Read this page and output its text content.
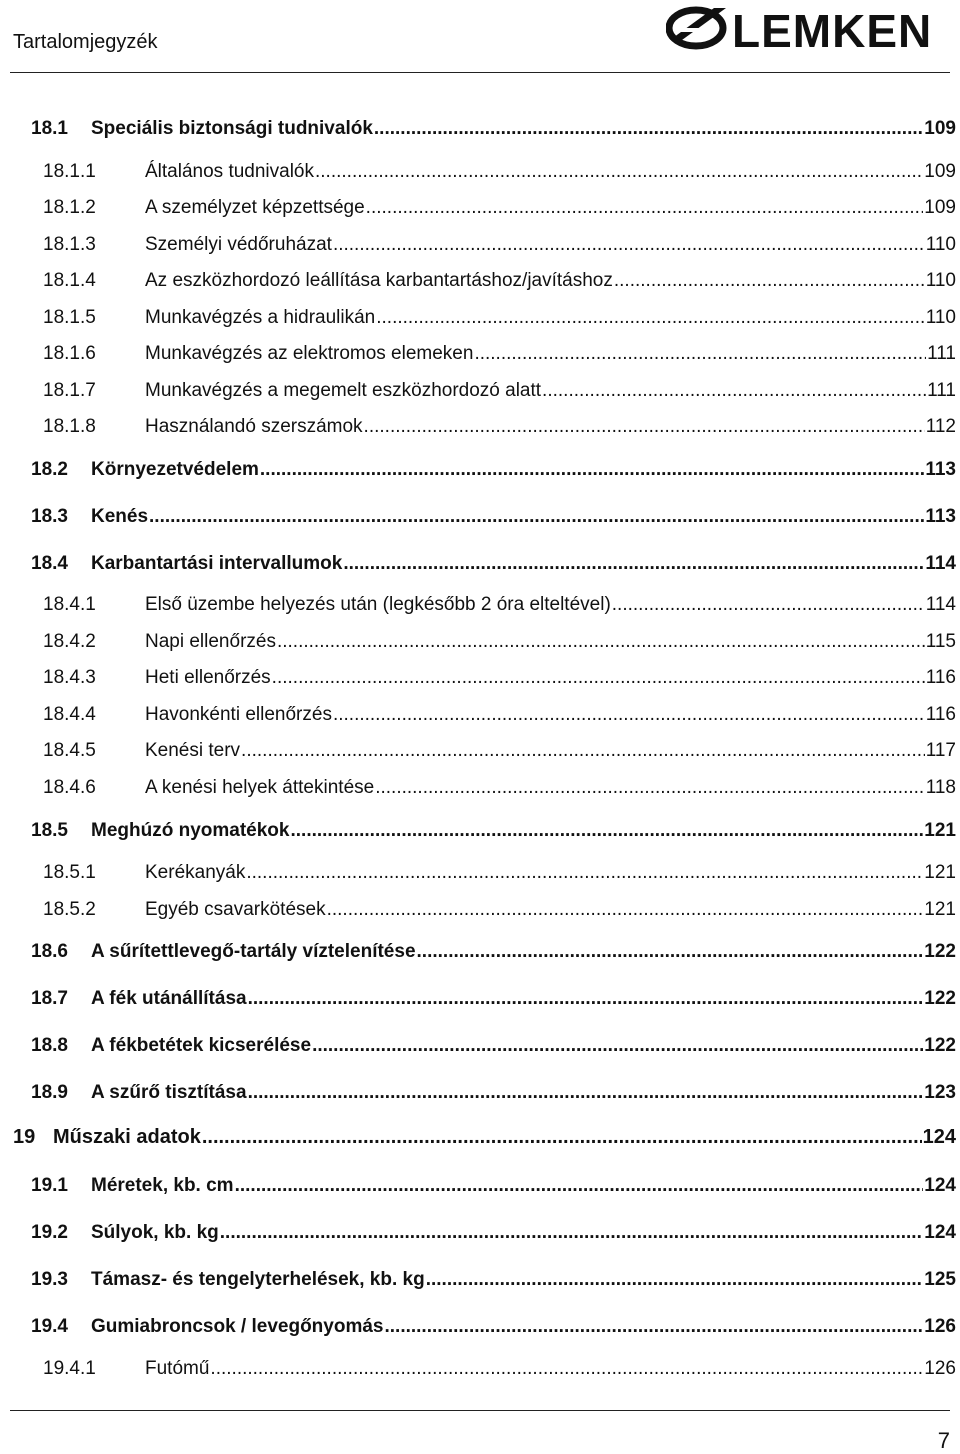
Tartalomjegyzék	LEMKEN
18.1	Speciális biztonsági tudnivalók .....	109
18.1.1	Általános tudnivalók .....	109
18.1.2	A személyzet képzettsége .....	109
18.1.3	Személyi védőruházat .....	110
18.1.4	Az eszközhordozó leállítása karbantartáshoz/javításhoz .....	110
18.1.5	Munkavégzés a hidraulikán .....	110
18.1.6	Munkavégzés az elektromos elemeken .....	111
18.1.7	Munkavégzés a megemelt eszközhordozó alatt .....	111
18.1.8	Használandó szerszámok .....	112
18.2	Környezetvédelem .....	113
18.3	Kenés .....	113
18.4	Karbantartási intervallumok .....	114
18.4.1	Első üzembe helyezés után (legkésőbb 2 óra elteltével) .....	114
18.4.2	Napi ellenőrzés .....	115
18.4.3	Heti ellenőrzés .....	116
18.4.4	Havonkénti ellenőrzés .....	116
18.4.5	Kenési terv .....	117
18.4.6	A kenési helyek áttekintése .....	118
18.5	Meghúzó nyomatékok .....	121
18.5.1	Kerékanyák .....	121
18.5.2	Egyéb csavarkötések .....	121
18.6	A sűrítettlevegő-tartály víztelenítése .....	122
18.7	A fék utánállítása .....	122
18.8	A fékbetétek kicserélése .....	122
18.9	A szűrő tisztítása .....	123
19 Műszaki adatok .....	124
19.1	Méretek, kb. cm .....	124
19.2	Súlyok, kb. kg .....	124
19.3	Támasz- és tengelyterhelések, kb. kg .....	125
19.4	Gumiabroncsok / levegőnyomás .....	126
19.4.1	Futómű .....	126
7
